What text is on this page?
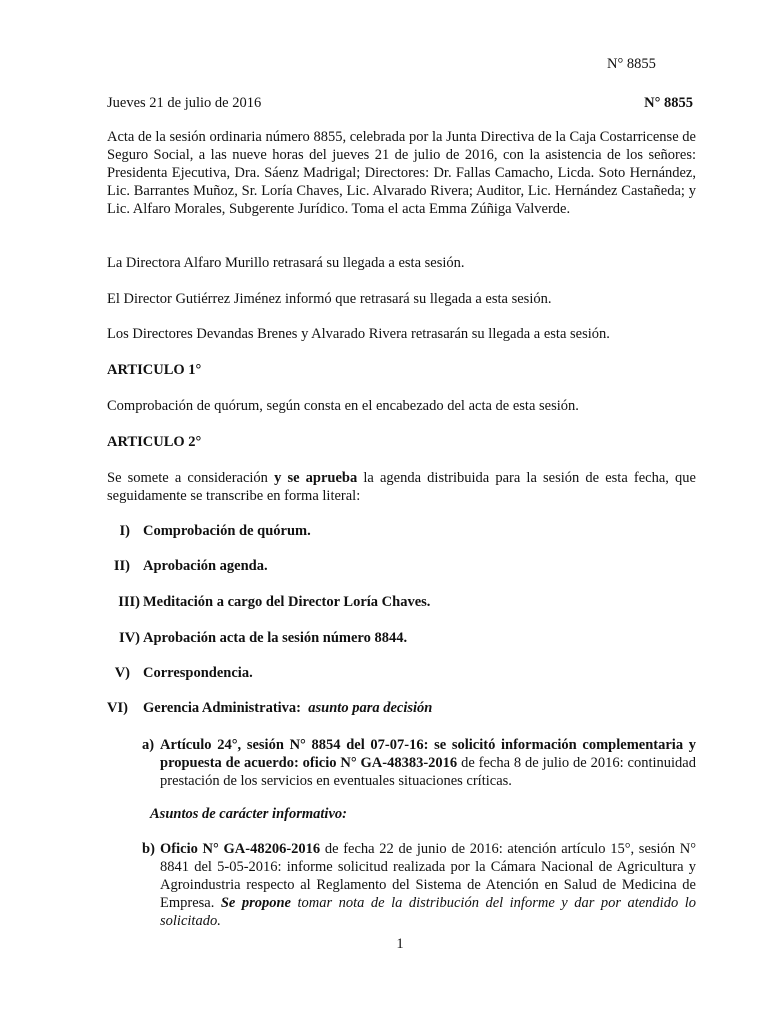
N° 8855
Jueves 21 de julio de 2016	N° 8855
Acta de la sesión ordinaria número 8855, celebrada por la Junta Directiva de la Caja Costarricense de Seguro Social, a las nueve horas del jueves 21 de julio de 2016, con la asistencia de los señores: Presidenta Ejecutiva, Dra. Sáenz Madrigal; Directores: Dr. Fallas Camacho, Licda. Soto Hernández, Lic. Barrantes Muñoz, Sr. Loría Chaves, Lic. Alvarado Rivera; Auditor, Lic. Hernández Castañeda; y Lic. Alfaro Morales, Subgerente Jurídico. Toma el acta Emma Zúñiga Valverde.
La Directora Alfaro Murillo retrasará su llegada a esta sesión.
El Director Gutiérrez Jiménez informó que retrasará su llegada a esta sesión.
Los Directores Devandas Brenes y Alvarado Rivera retrasarán su llegada a esta sesión.
ARTICULO 1°
Comprobación de quórum, según consta en el encabezado del acta de esta sesión.
ARTICULO 2°
Se somete a consideración y se aprueba la agenda distribuida para la sesión de esta fecha, que seguidamente se transcribe en forma literal:
I) Comprobación de quórum.
II) Aprobación agenda.
III) Meditación a cargo del Director Loría Chaves.
IV) Aprobación acta de la sesión número 8844.
V) Correspondencia.
VI) Gerencia Administrativa: asunto para decisión
a) Artículo 24°, sesión N° 8854 del 07-07-16: se solicitó información complementaria y propuesta de acuerdo: oficio N° GA-48383-2016 de fecha 8 de julio de 2016: continuidad prestación de los servicios en eventuales situaciones críticas.
Asuntos de carácter informativo:
b) Oficio N° GA-48206-2016 de fecha 22 de junio de 2016: atención artículo 15°, sesión N° 8841 del 5-05-2016: informe solicitud realizada por la Cámara Nacional de Agricultura y Agroindustria respecto al Reglamento del Sistema de Atención en Salud de Medicina de Empresa. Se propone tomar nota de la distribución del informe y dar por atendido lo solicitado.
1
